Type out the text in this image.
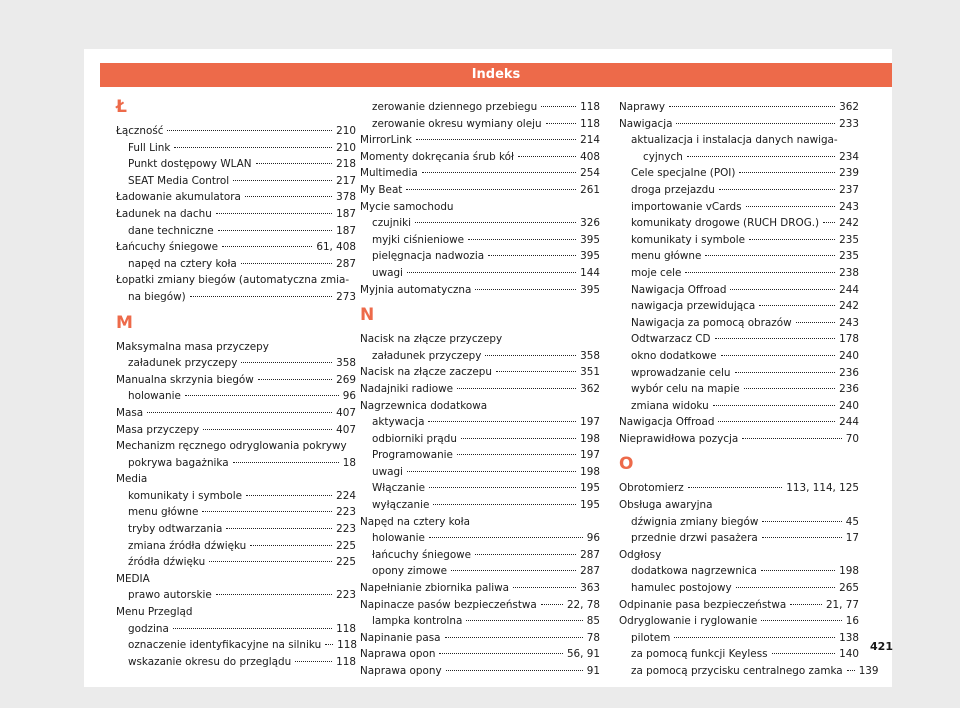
Indeks
Ł
Łączność	210
Full Link	210
Punkt dostępowy WLAN	218
SEAT Media Control	217
Ładowanie akumulatora	378
Ładunek na dachu	187
dane techniczne	187
Łańcuchy śniegowe	61, 408
napęd na cztery koła	287
Łopatki zmiany biegów (automatyczna zmia-
na biegów)	273
M
Maksymalna masa przyczepy
załadunek przyczepy	358
Manualna skrzynia biegów	269
holowanie	96
Masa	407
Masa przyczepy	407
Mechanizm ręcznego odryglowania pokrywy
pokrywa bagażnika	18
Media
komunikaty i symbole	224
menu główne	223
tryby odtwarzania	223
zmiana źródła dźwięku	225
źródła dźwięku	225
MEDIA
prawo autorskie	223
Menu Przegląd
godzina	118
oznaczenie identyfikacyjne na silniku 118
wskazanie okresu do przeglądu	118
zerowanie dziennego przebiegu	118
zerowanie okresu wymiany oleju	118
MirrorLink	214
Momenty dokręcania śrub kół	408
Multimedia	254
My Beat	261
Mycie samochodu
czujniki	326
myjki ciśnieniowe	395
pielęgnacja nadwozia	395
uwagi	144
Myjnia automatyczna	395
N
Nacisk na złącze przyczepy
załadunek przyczepy	358
Nacisk na złącze zaczepu	351
Nadajniki radiowe	362
Nagrzewnica dodatkowa
aktywacja	197
odbiorniki prądu	198
Programowanie	197
uwagi	198
Włączanie	195
wyłączanie	195
Napęd na cztery koła
holowanie	96
łańcuchy śniegowe	287
opony zimowe	287
Napełnianie zbiornika paliwa	363
Napinacze pasów bezpieczeństwa	22, 78
lampka kontrolna	85
Napinanie pasa	78
Naprawa opon	56, 91
Naprawa opony	91
Naprawy	362
Nawigacja	233
aktualizacja i instalacja danych nawiga-
cyjnych	234
Cele specjalne (POI)	239
droga przejazdu	237
importowanie vCards	243
komunikaty drogowe (RUCH DROG.) 242
komunikaty i symbole	235
menu główne	235
moje cele	238
Nawigacja Offroad	244
nawigacja przewidująca	242
Nawigacja za pomocą obrazów	243
Odtwarzacz CD	178
okno dodatkowe	240
wprowadzanie celu	236
wybór celu na mapie	236
zmiana widoku	240
Nawigacja Offroad	244
Nieprawidłowa pozycja	70
O
Obrotomierz	113, 114, 125
Obsługa awaryjna
dźwignia zmiany biegów	45
przednie drzwi pasażera	17
Odgłosy
dodatkowa nagrzewnica	198
hamulec postojowy	265
Odpinanie pasa bezpieczeństwa	21, 77
Odryglowanie i ryglowanie	16
pilotem	138
za pomocą funkcji Keyless	140
za pomocą przycisku centralnego zamka 139
421
